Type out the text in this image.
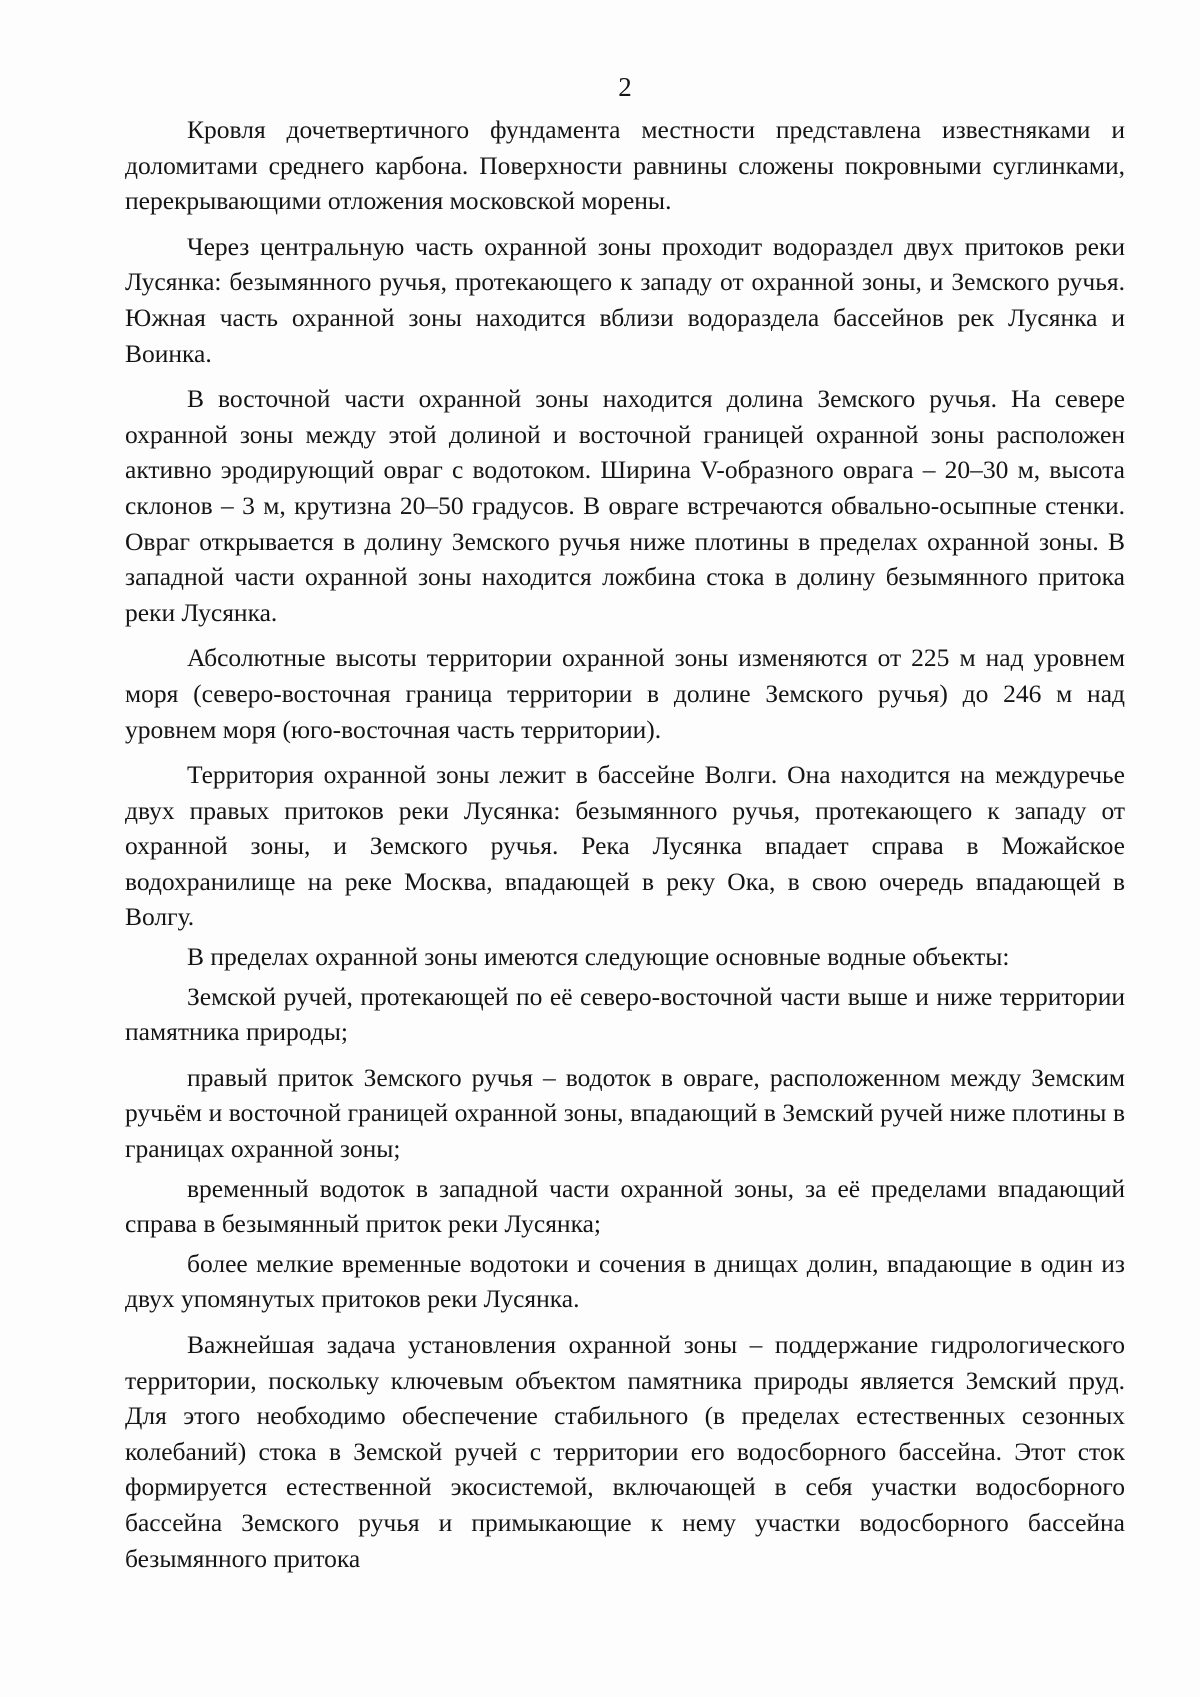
2

Кровля дочетвертичного фундамента местности представлена известняками и доломитами среднего карбона. Поверхности равнины сложены покровными суглинками, перекрывающими отложения московской морены.

Через центральную часть охранной зоны проходит водораздел двух притоков реки Лусянка: безымянного ручья, протекающего к западу от охранной зоны, и Земского ручья. Южная часть охранной зоны находится вблизи водораздела бассейнов рек Лусянка и Воинка.

В восточной части охранной зоны находится долина Земского ручья. На севере охранной зоны между этой долиной и восточной границей охранной зоны расположен активно эродирующий овраг с водотоком. Ширина V-образного оврага – 20–30 м, высота склонов – 3 м, крутизна 20–50 градусов. В овраге встречаются обвально-осыпные стенки. Овраг открывается в долину Земского ручья ниже плотины в пределах охранной зоны. В западной части охранной зоны находится ложбина стока в долину безымянного притока реки Лусянка.

Абсолютные высоты территории охранной зоны изменяются от 225 м над уровнем моря (северо-восточная граница территории в долине Земского ручья) до 246 м над уровнем моря (юго-восточная часть территории).

Территория охранной зоны лежит в бассейне Волги. Она находится на междуречье двух правых притоков реки Лусянка: безымянного ручья, протекающего к западу от охранной зоны, и Земского ручья. Река Лусянка впадает справа в Можайское водохранилище на реке Москва, впадающей в реку Ока, в свою очередь впадающей в Волгу.

В пределах охранной зоны имеются следующие основные водные объекты:

Земской ручей, протекающей по её северо-восточной части выше и ниже территории памятника природы;

правый приток Земского ручья – водоток в овраге, расположенном между Земским ручьём и восточной границей охранной зоны, впадающий в Земский ручей ниже плотины в границах охранной зоны;

временный водоток в западной части охранной зоны, за её пределами впадающий справа в безымянный приток реки Лусянка;

более мелкие временные водотоки и сочения в днищах долин, впадающие в один из двух упомянутых притоков реки Лусянка.

Важнейшая задача установления охранной зоны – поддержание гидрологического территории, поскольку ключевым объектом памятника природы является Земский пруд. Для этого необходимо обеспечение стабильного (в пределах естественных сезонных колебаний) стока в Земской ручей с территории его водосборного бассейна. Этот сток формируется естественной экосистемой, включающей в себя участки водосборного бассейна Земского ручья и примыкающие к нему участки водосборного бассейна безымянного притока
